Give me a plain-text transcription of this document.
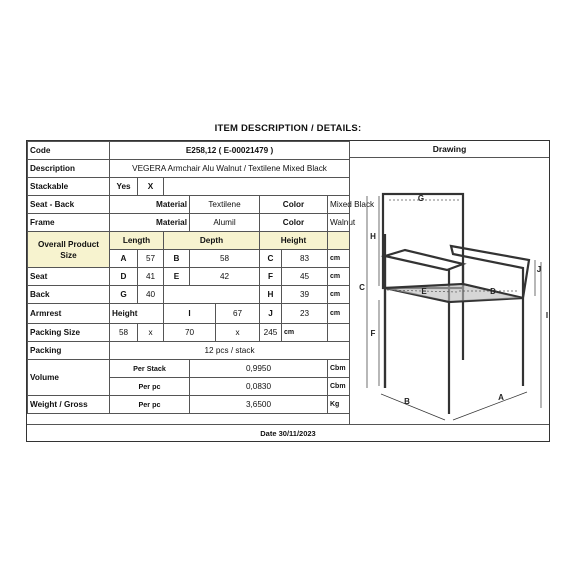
ITEM DESCRIPTION / DETAILS:
Code	E258,12 ( E-00021479 )							
Description	VEGERA Armchair Alu Walnut / Textilene Mixed Black							
Stackable	Yes	X						
Seat - Back	Material			Textilene		Color		Mixed Black
Frame	Material			Alumil		Color		Walnut
Overall Product Size	Length		Depth			Height		
	A	57	B	58		C	83	cm
Seat	D	41	E	42		F	45	cm
Back	G	40				H	39	cm
Armrest	Height		I		67	J	23	cm
Packing Size	58	x	70		x	245	cm	
Packing	12 pcs / stack							
Volume	Per Stack			0,9950				Cbm
	Per pc			0,0830				Cbm
Weight / Gross	Per pc			3,6500				Kg
Drawing
G
H
C	E	D
F
J
I
B	A
Date 30/11/2023
